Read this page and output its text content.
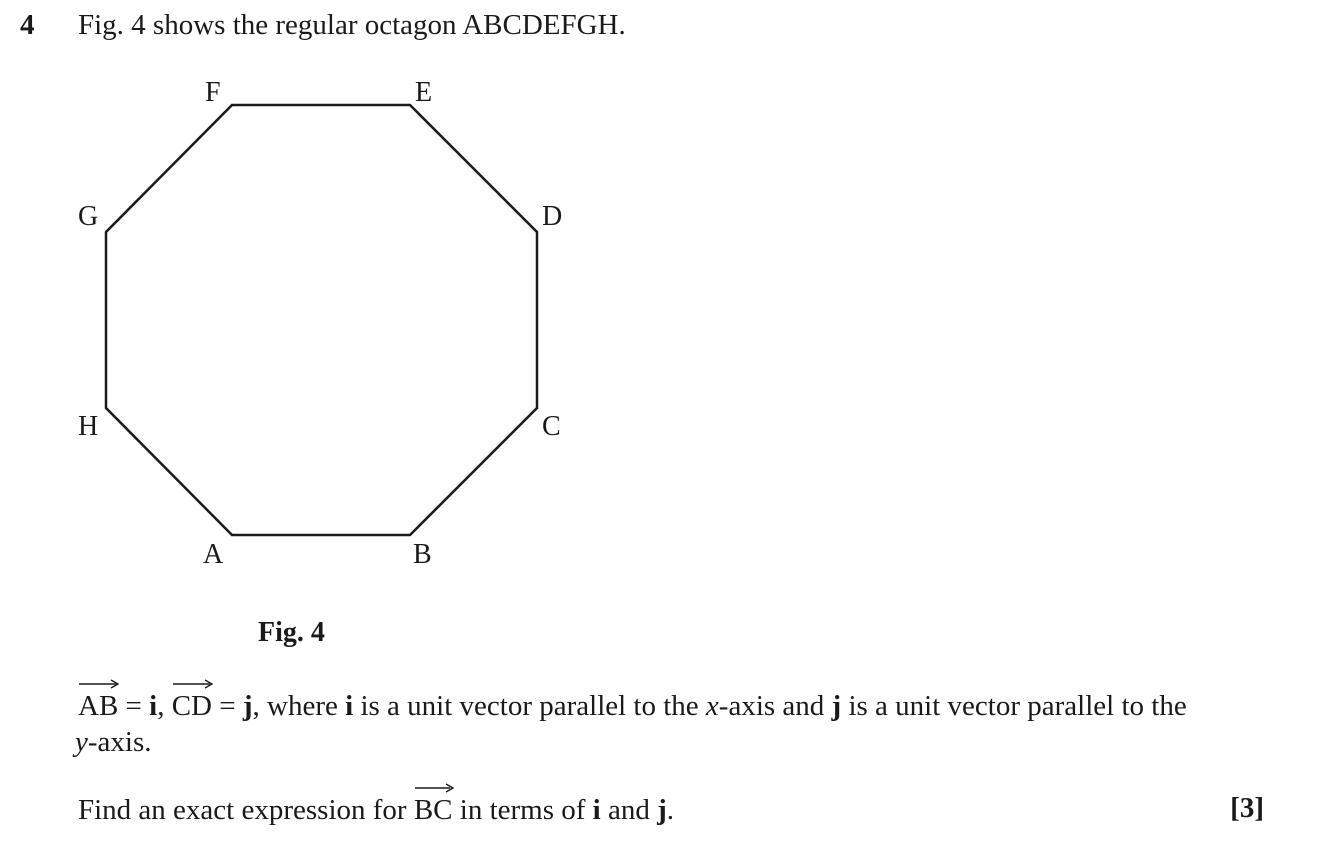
4 Fig. 4 shows the regular octagon ABCDEFGH.
F	E
G	D
H	C
A	B
Fig. 4
AB = i,
CD = j, where i is a unit vector parallel to the x-axis and j is a unit vector parallel to the
y-axis.
Find an exact expression for
BC in terms of i and j.	[3]
